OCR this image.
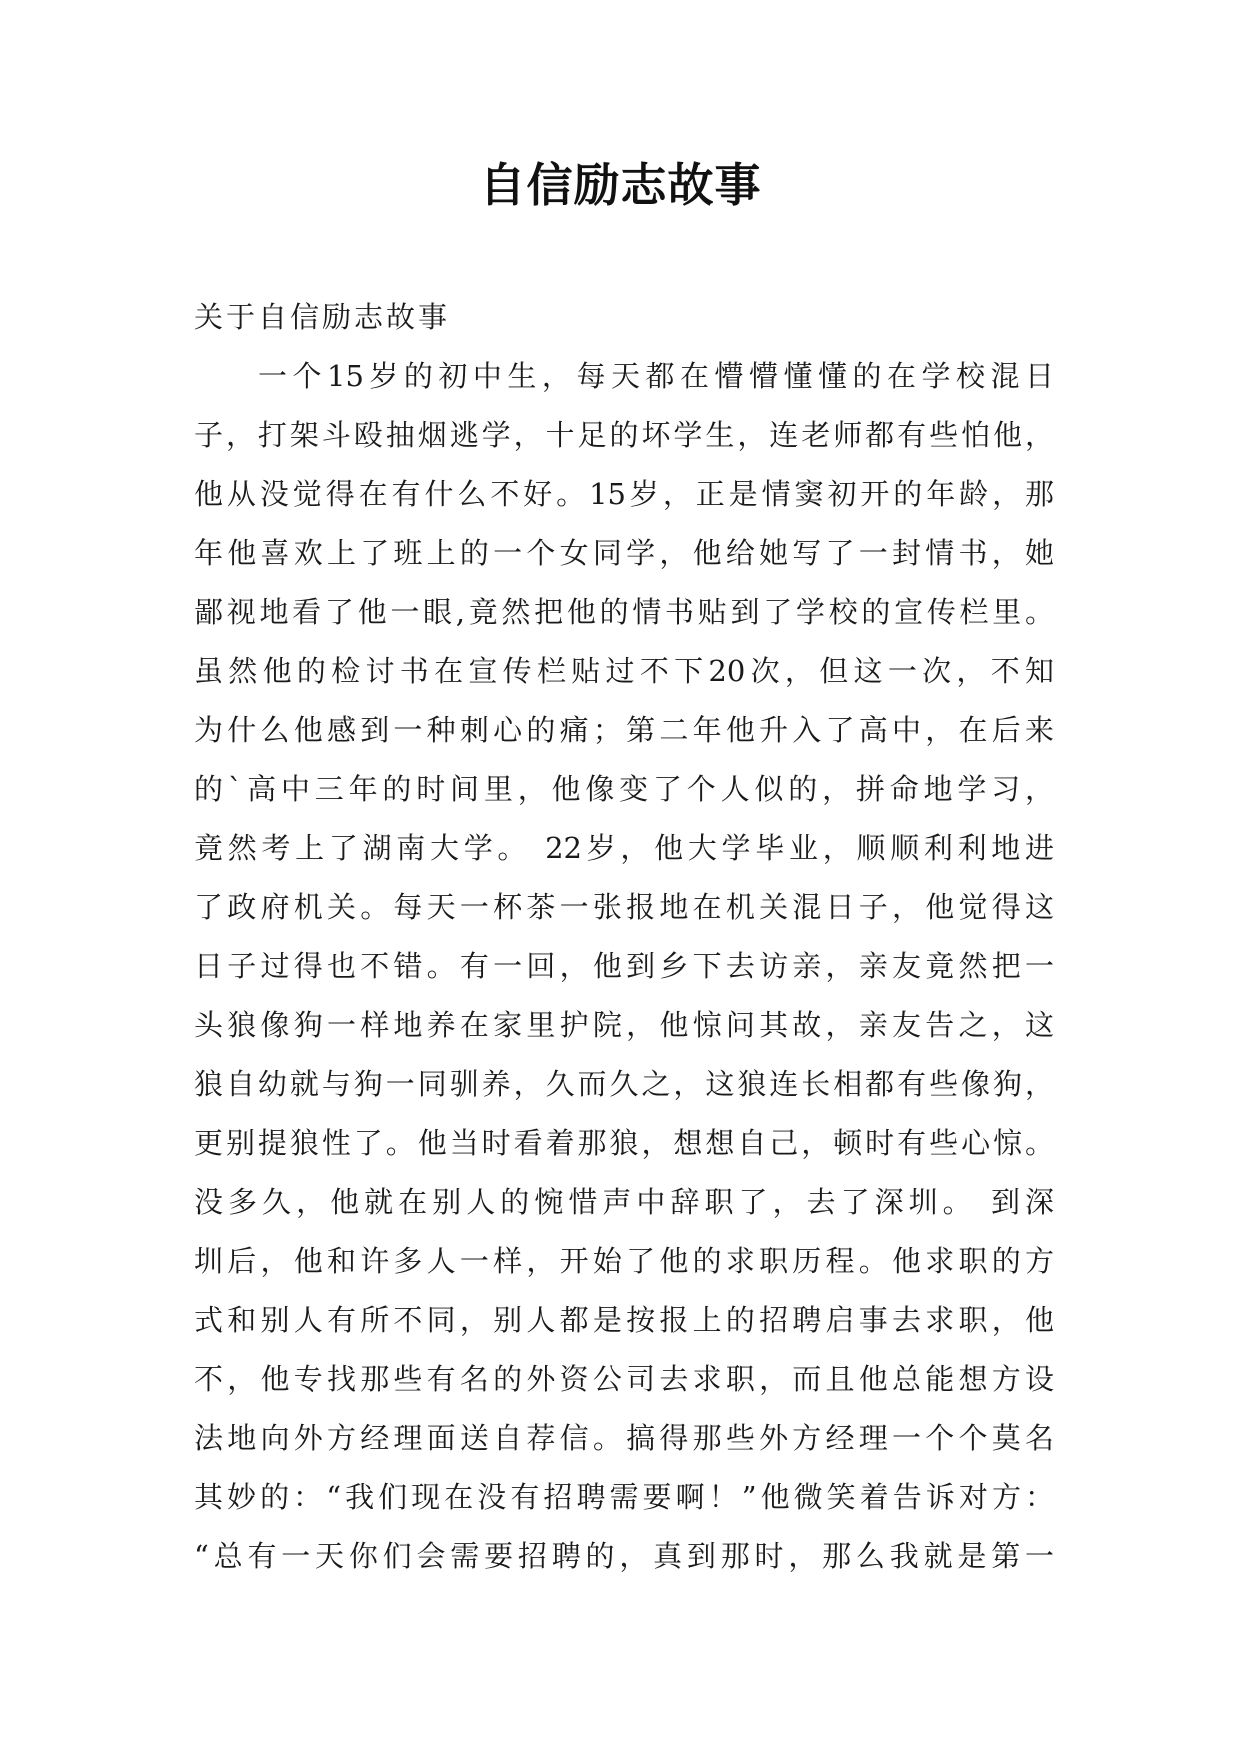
自信励志故事
关于自信励志故事
一个15岁的初中生，每天都在懵懵懂懂的在学校混日
子，打架斗殴抽烟逃学，十足的坏学生，连老师都有些怕他，
他从没觉得在有什么不好。15岁，正是情窦初开的年龄，那
年他喜欢上了班上的一个女同学，他给她写了一封情书，她
鄙视地看了他一眼,竟然把他的情书贴到了学校的宣传栏里。
虽然他的检讨书在宣传栏贴过不下20次，但这一次，不知
为什么他感到一种刺心的痛；第二年他升入了高中，在后来
的`高中三年的时间里，他像变了个人似的，拼命地学习，
竟然考上了湖南大学。 22岁，他大学毕业，顺顺利利地进
了政府机关。每天一杯茶一张报地在机关混日子，他觉得这
日子过得也不错。有一回，他到乡下去访亲，亲友竟然把一
头狼像狗一样地养在家里护院，他惊问其故，亲友告之，这
狼自幼就与狗一同驯养，久而久之，这狼连长相都有些像狗，
更别提狼性了。他当时看着那狼，想想自己，顿时有些心惊。
没多久，他就在别人的惋惜声中辞职了，去了深圳。 到深
圳后，他和许多人一样，开始了他的求职历程。他求职的方
式和别人有所不同，别人都是按报上的招聘启事去求职，他
不，他专找那些有名的外资公司去求职，而且他总能想方设
法地向外方经理面送自荐信。搞得那些外方经理一个个莫名
其妙的：“我们现在没有招聘需要啊！”他微笑着告诉对方：
“总有一天你们会需要招聘的，真到那时，那么我就是第一
